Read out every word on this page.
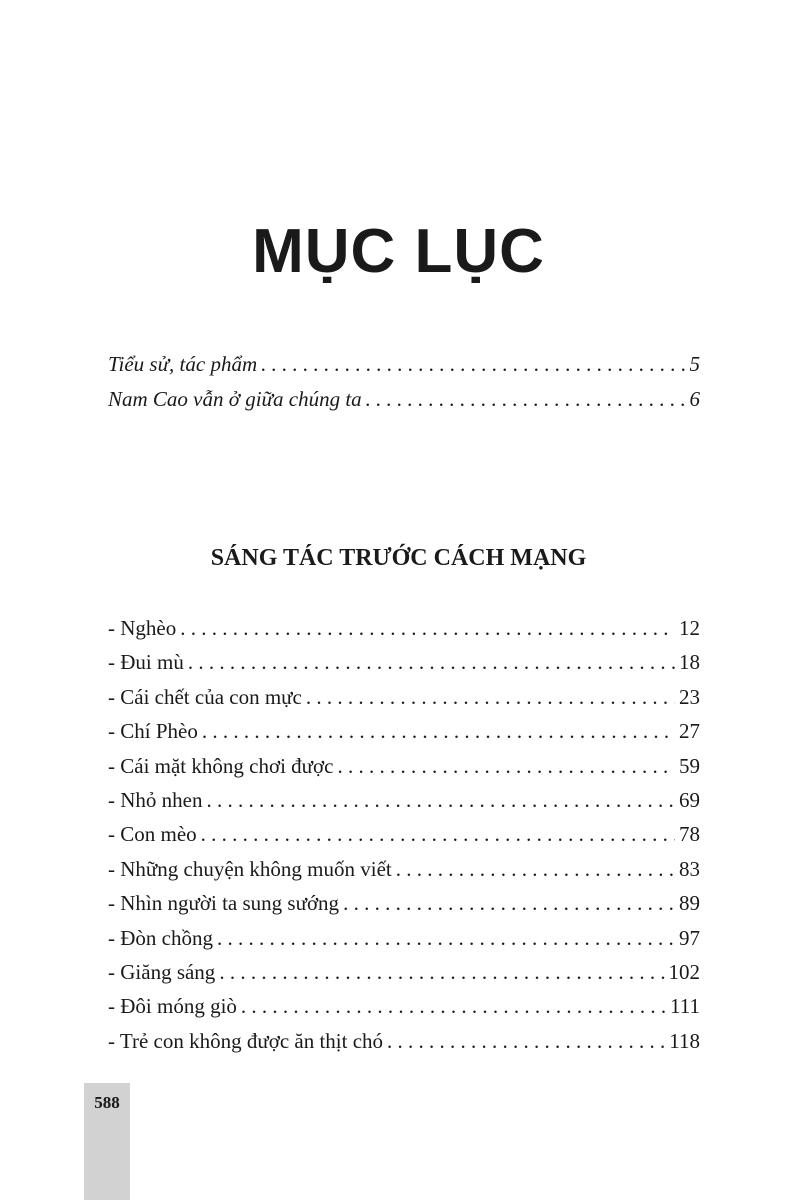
MỤC LỤC
Tiểu sử, tác phẩm . . .	5
Nam Cao vẫn ở giữa chúng ta . . .	6
SÁNG TÁC TRƯỚC CÁCH MẠNG
- Nghèo . . .	12
- Đui mù . . .	18
- Cái chết của con mực . . .	23
- Chí Phèo . . .	27
- Cái mặt không chơi được . . .	59
- Nhỏ nhen . . .	69
- Con mèo . . .	78
- Những chuyện không muốn viết . . .	83
- Nhìn người ta sung sướng . . .	89
- Đòn chồng . . .	97
- Giăng sáng . . .	102
- Đôi móng giò . . .	111
- Trẻ con không được ăn thịt chó . . .	118
588
